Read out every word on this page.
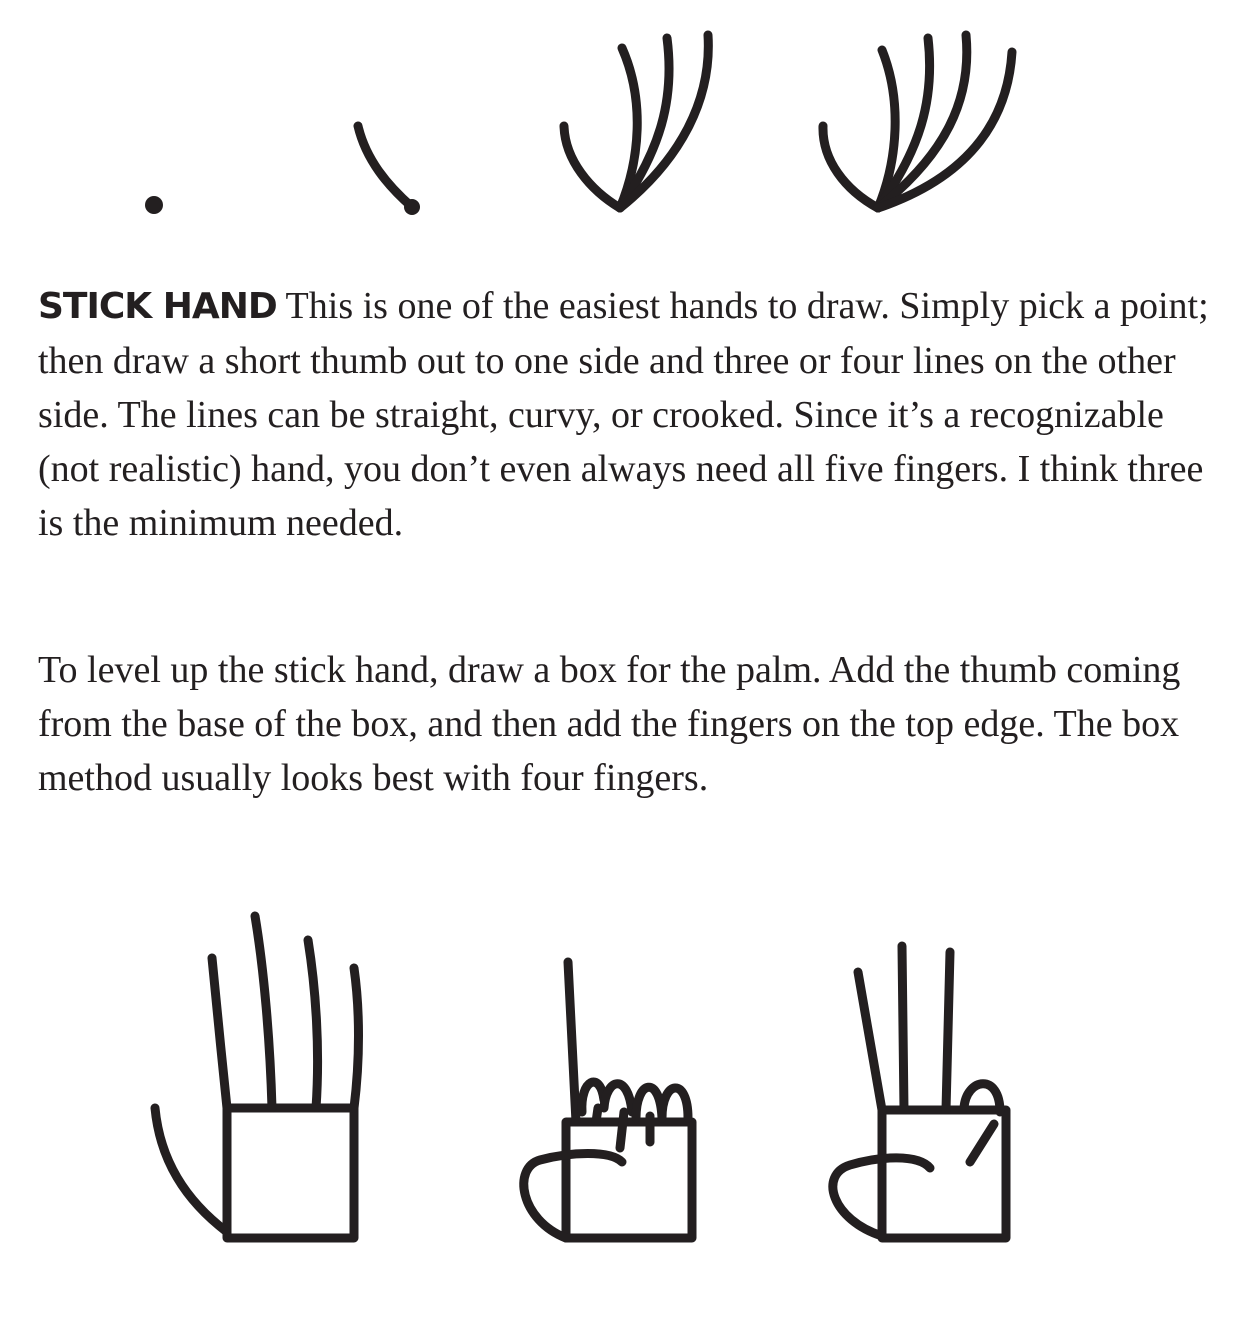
STICK HAND This is one of the easiest hands to draw. Simply pick a point; then draw a short thumb out to one side and three or four lines on the other side. The lines can be straight, curvy, or crooked. Since it’s a recognizable (not realistic) hand, you don’t even always need all five fingers. I think three is the minimum needed.

To level up the stick hand, draw a box for the palm. Add the thumb coming from the base of the box, and then add the fingers on the top edge. The box method usually looks best with four fingers.
